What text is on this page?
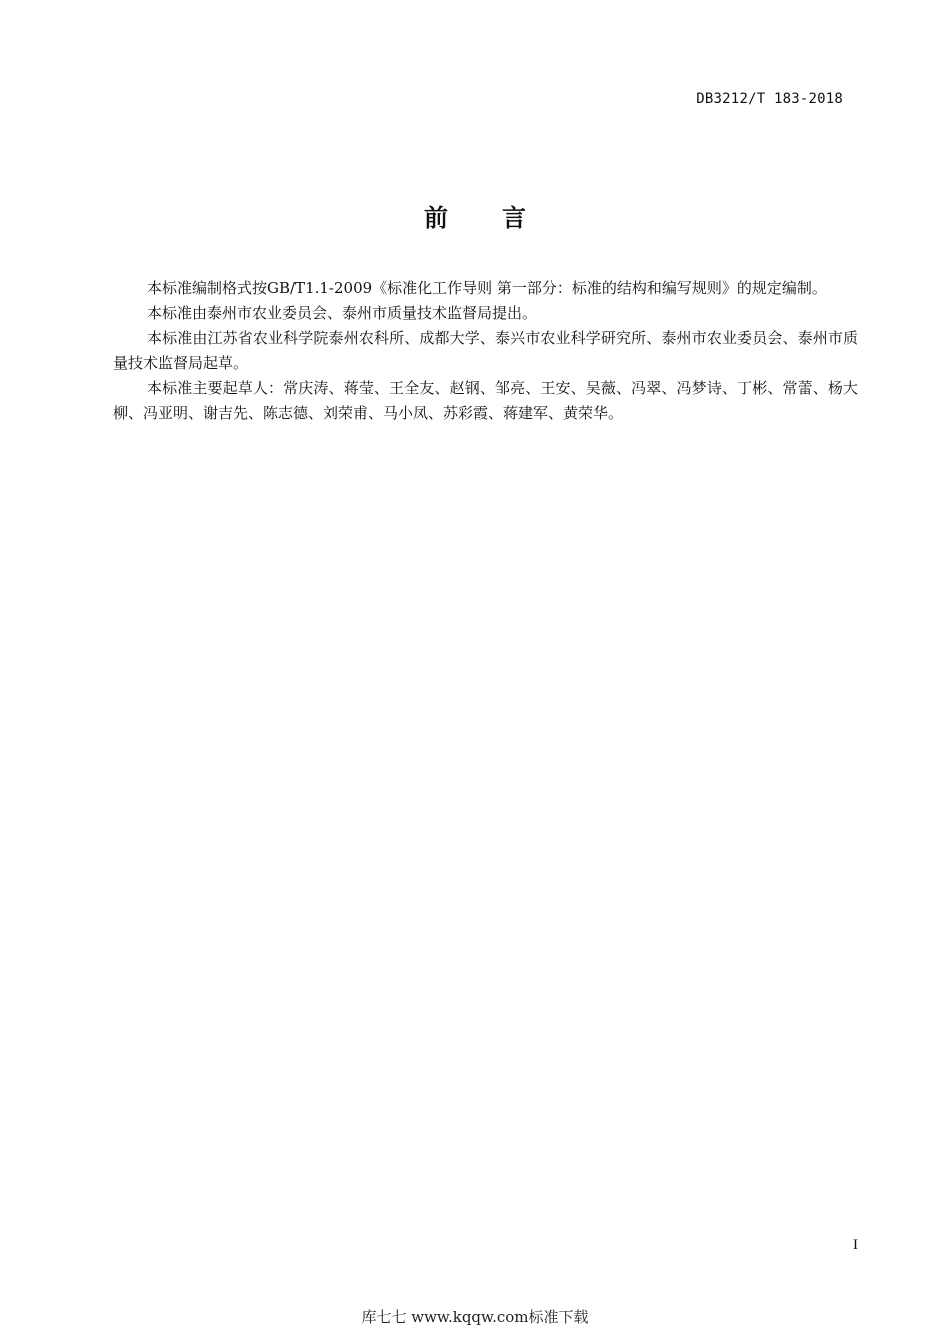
DB3212/T 183-2018
前 言

本标准编制格式按GB/T1.1-2009《标准化工作导则 第一部分：标准的结构和编写规则》的规定编制。

本标准由泰州市农业委员会、泰州市质量技术监督局提出。

本标准由江苏省农业科学院泰州农科所、成都大学、泰兴市农业科学研究所、泰州市农业委员会、泰州市质量技术监督局起草。

本标准主要起草人：常庆涛、蒋莹、王全友、赵钢、邹亮、王安、吴薇、冯翠、冯梦诗、丁彬、常蕾、杨大柳、冯亚明、谢吉先、陈志德、刘荣甫、马小凤、苏彩霞、蒋建军、黄荣华。

I
库七七 www.kqqw.com标准下载
